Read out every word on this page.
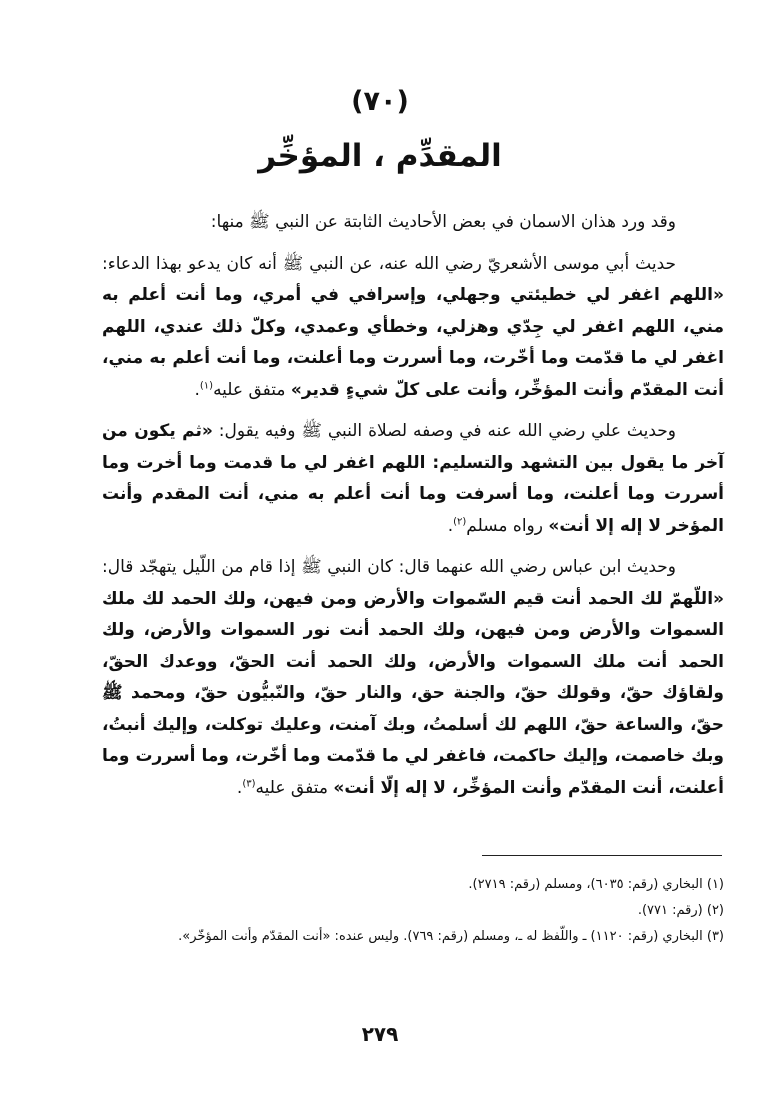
(٧٠)
المقدِّم ، المؤخِّر

وقد ورد هذان الاسمان في بعض الأحاديث الثابتة عن النبي ﷺ منها:

حديث أبي موسى الأشعريّ رضي الله عنه، عن النبي ﷺ أنه كان يدعو بهذا الدعاء: «اللهم اغفر لي خطيئتي وجهلي، وإسرافي في أمري، وما أنت أعلم به مني، اللهم اغفر لي جِدّي وهزلي، وخطأي وعمدي، وكلّ ذلك عندي، اللهم اغفر لي ما قدّمت وما أخّرت، وما أسررت وما أعلنت، وما أنت أعلم به مني، أنت المقدّم وأنت المؤخِّر، وأنت على كلّ شيءٍ قدير» متفق عليه$^{(١)}$.

وحديث علي رضي الله عنه في وصفه لصلاة النبي ﷺ وفيه يقول: «ثم يكون من آخر ما يقول بين التشهد والتسليم: اللهم اغفر لي ما قدمت وما أخرت وما أسررت وما أعلنت، وما أسرفت وما أنت أعلم به مني، أنت المقدم وأنت المؤخر لا إله إلا أنت» رواه مسلم$^{(٢)}$.

وحديث ابن عباس رضي الله عنهما قال: كان النبي ﷺ إذا قام من اللّيل يتهجّد قال: «اللّهمّ لك الحمد أنت قيم السّموات والأرض ومن فيهن، ولك الحمد لك ملك السموات والأرض ومن فيهن، ولك الحمد أنت نور السموات والأرض، ولك الحمد أنت ملك السموات والأرض، ولك الحمد أنت الحقّ، ووعدك الحقّ، ولقاؤك حقّ، وقولك حقّ، والجنة حق، والنار حقّ، والنّبيُّون حقّ، ومحمد ﷺ حقّ، والساعة حقّ، اللهم لك أسلمتُ، وبك آمنت، وعليك توكلت، وإليك أنبتُ، وبك خاصمت، وإليك حاكمت، فاغفر لي ما قدّمت وما أخّرت، وما أسررت وما أعلنت، أنت المقدّم وأنت المؤخِّر، لا إله إلّا أنت» متفق عليه$^{(٣)}$.

(١) البخاري (رقم: ٦٠٣٥)، ومسلم (رقم: ٢٧١٩).
(٢) (رقم: ٧٧١).
(٣) البخاري (رقم: ١١٢٠) ـ واللّفظ له ـ، ومسلم (رقم: ٧٦٩). وليس عنده: «أنت المقدّم وأنت المؤخّر».
٢٧٩
